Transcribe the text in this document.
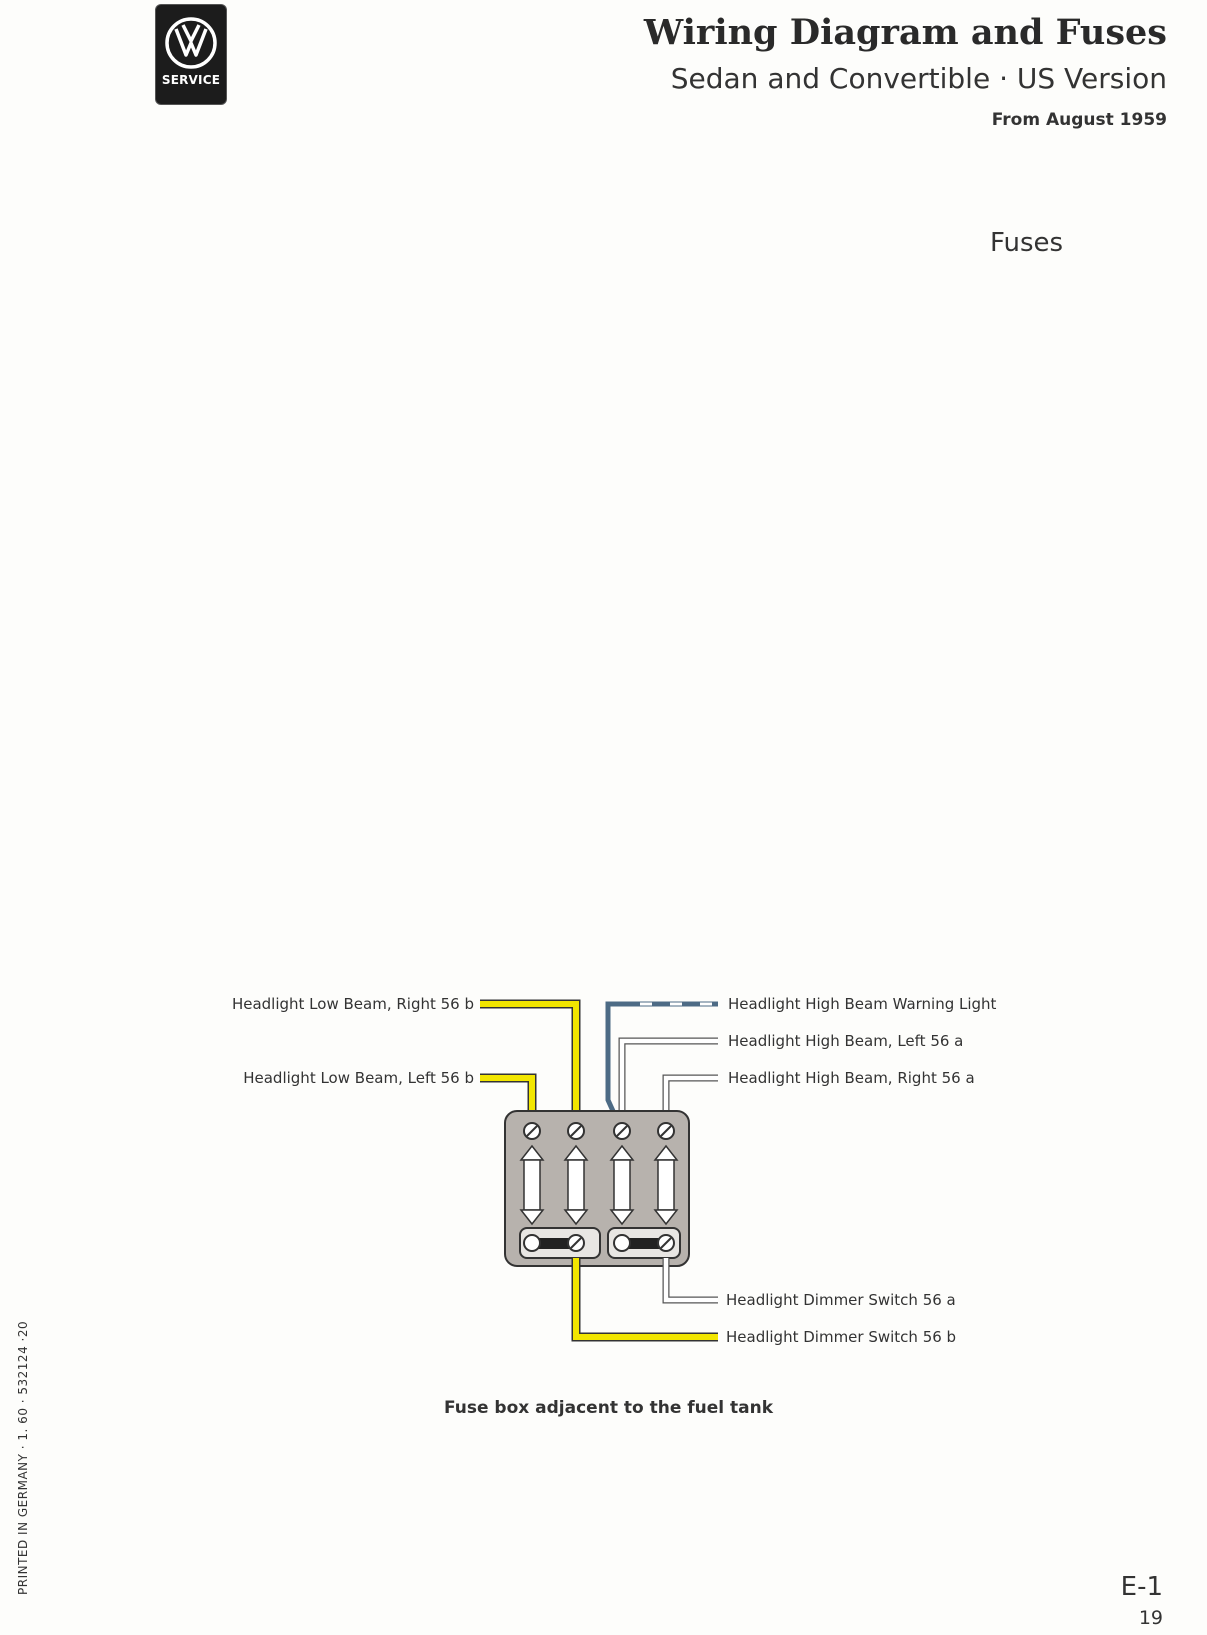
SERVICE
Wiring Diagram and Fuses
Sedan and Convertible · US Version
From August 1959
Fuses
Headlight Low Beam, Right 56 b
Headlight Low Beam, Left 56 b
Headlight High Beam Warning Light
Headlight High Beam, Left 56 a
Headlight High Beam, Right 56 a
Headlight Dimmer Switch 56 a
Headlight Dimmer Switch 56 b
Fuse box adjacent to the fuel tank
PRINTED IN GERMANY · 1. 60 · 532124 ·20	E-1
19
